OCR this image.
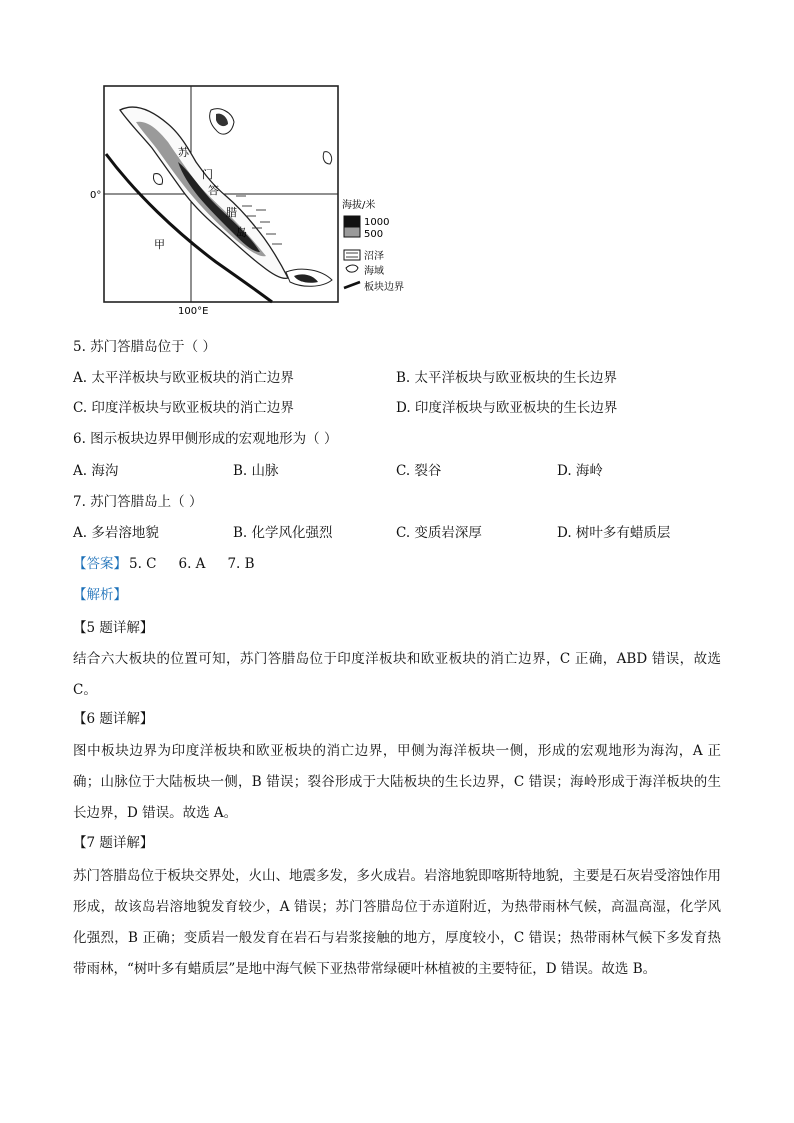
苏
门
答
腊
岛
甲
0°
100°E
海拔/米
1000
500
沼泽
海域
板块边界
5. 苏门答腊岛位于（ ）
A. 太平洋板块与欧亚板块的消亡边界	B. 太平洋板块与欧亚板块的生长边界
C. 印度洋板块与欧亚板块的消亡边界	D. 印度洋板块与欧亚板块的生长边界
6. 图示板块边界甲侧形成的宏观地形为（ ）
A. 海沟	B. 山脉	C. 裂谷	D. 海岭
7. 苏门答腊岛上（ ）
A. 多岩溶地貌	B. 化学风化强烈	C. 变质岩深厚	D. 树叶多有蜡质层
【答案】 5. C 6. A 7. B
【解析】
【5 题详解】
结合六大板块的位置可知，苏门答腊岛位于印度洋板块和欧亚板块的消亡边界，C 正确，ABD 错误，故选 C。
【6 题详解】
图中板块边界为印度洋板块和欧亚板块的消亡边界，甲侧为海洋板块一侧，形成的宏观地形为海沟，A 正确；山脉位于大陆板块一侧，B 错误；裂谷形成于大陆板块的生长边界，C 错误；海岭形成于海洋板块的生长边界，D 错误。故选 A。
【7 题详解】
苏门答腊岛位于板块交界处，火山、地震多发，多火成岩。岩溶地貌即喀斯特地貌，主要是石灰岩受溶蚀作用形成，故该岛岩溶地貌发育较少，A 错误；苏门答腊岛位于赤道附近，为热带雨林气候，高温高湿，化学风化强烈，B 正确；变质岩一般发育在岩石与岩浆接触的地方，厚度较小，C 错误；热带雨林气候下多发育热带雨林，“树叶多有蜡质层”是地中海气候下亚热带常绿硬叶林植被的主要特征，D 错误。故选 B。
